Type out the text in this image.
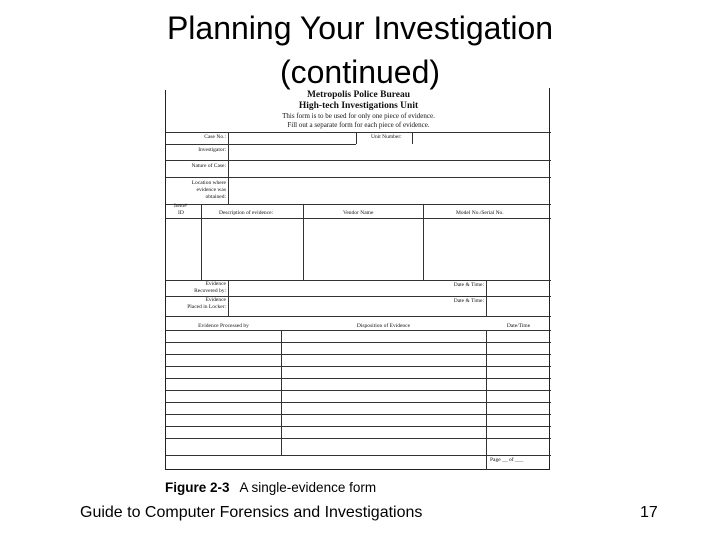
Planning Your Investigation
(continued)
Metropolis Police Bureau
High-tech Investigations Unit
This form is to be used for only one piece of evidence.
Fill out a separate form for each piece of evidence.
Case No.:	Unit Number:
Investigator:
Nature of Case:
Location where
evidence was
obtained:
Item#
ID	Description of evidence:	Vendor Name	Model No./Serial No.
Evidence
Recovered by:
Date & Time:
Evidence
Placed in Locker:
Date & Time:
Evidence Processed by	Disposition of Evidence	Date/Time
Page __ of ___
Figure 2-3 A single-evidence form
Guide to Computer Forensics and Investigations	17
